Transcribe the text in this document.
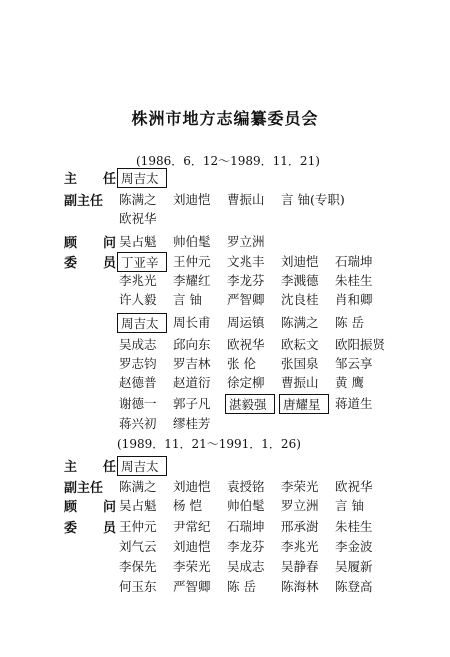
株洲市地方志编纂委员会
(1986．6．12～1989．11．21)
主 任 周吉太
副主任 陈满之	刘迪恺	曹振山	言 铀(专职)
欧祝华
顾 问 吴占魁	帅伯髦	罗立洲
委 员 丁亚辛	王仲元	文兆丰	刘迪恺	石瑞坤
李兆光	李耀红	李龙芬	李溅德	朱桂生
许人毅	言 铀	严智卿	沈良桂	肖和卿
周吉太	周长甫	周运镇	陈满之	陈 岳
吴成志	邱向东	欧祝华	欧耘文	欧阳振贤
罗志钧	罗吉林	张 伦	张国泉	邹云享
赵德普	赵道衍	徐定柳	曹振山	黄 鹰
谢德一	郭子凡	湛毅强	唐耀星	蒋道生
蒋兴初	缪桂芳
(1989．11．21～1991．1．26)
主 任 周吉太
副主任 陈满之	刘迪恺	袁授铭	李荣光	欧祝华
顾 问 吴占魁	杨 恺	帅伯髦	罗立洲	言 铀
委 员 王仲元	尹常纪	石瑞坤	邢承澍	朱桂生
刘气云	刘迪恺	李龙芬	李兆光	李金波
李保先	李荣光	吴成志	吴静春	吴履新
何玉东	严智卿	陈 岳	陈海林	陈登高
